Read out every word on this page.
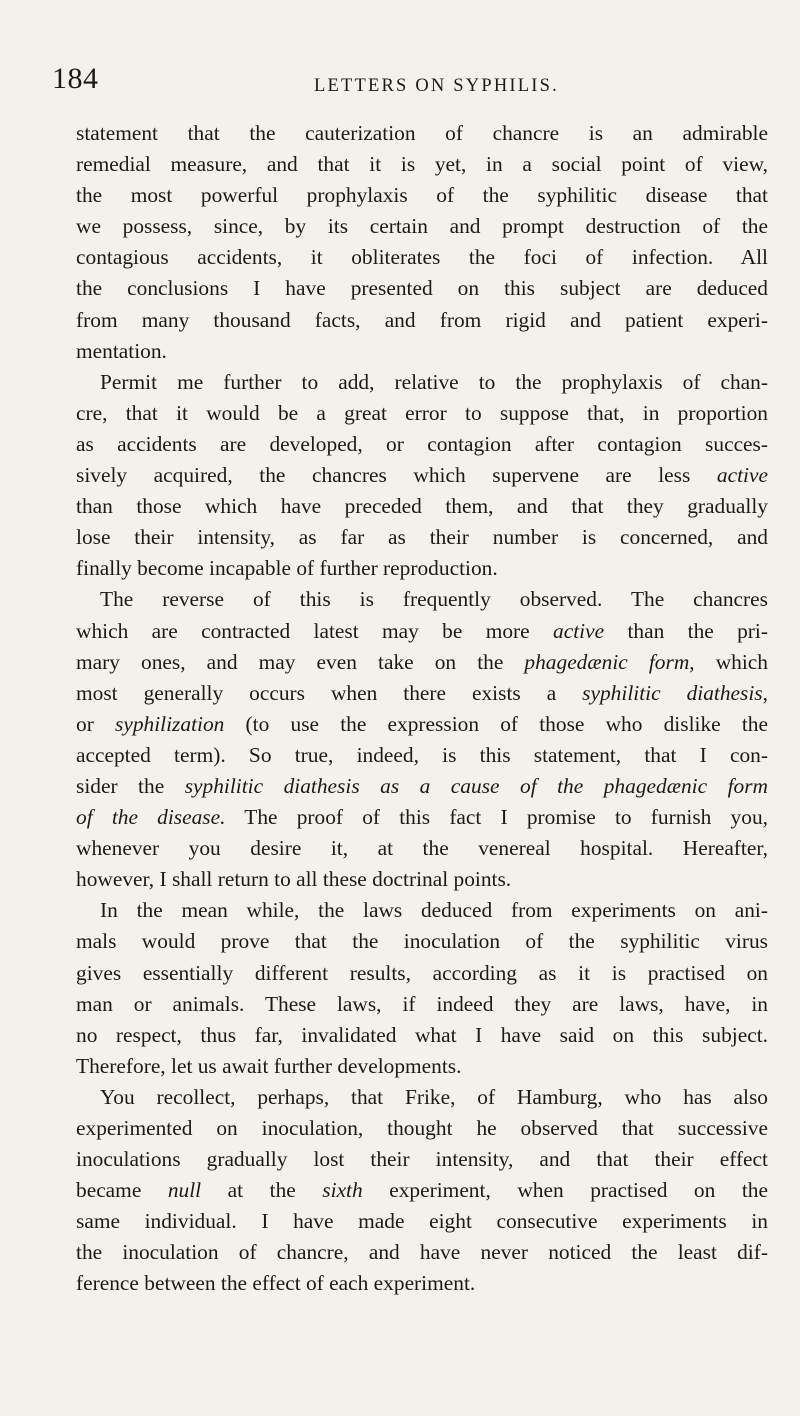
184	LETTERS ON SYPHILIS.
statement that the cauterization of chancre is an admirable
remedial measure, and that it is yet, in a social point of view,
the most powerful prophylaxis of the syphilitic disease that
we possess, since, by its certain and prompt destruction of the
contagious accidents, it obliterates the foci of infection. All
the conclusions I have presented on this subject are deduced
from many thousand facts, and from rigid and patient experi-
mentation.
Permit me further to add, relative to the prophylaxis of chan-
cre, that it would be a great error to suppose that, in proportion
as accidents are developed, or contagion after contagion succes-
sively acquired, the chancres which supervene are less active
than those which have preceded them, and that they gradually
lose their intensity, as far as their number is concerned, and
finally become incapable of further reproduction.
The reverse of this is frequently observed. The chancres
which are contracted latest may be more active than the pri-
mary ones, and may even take on the phagedænic form, which
most generally occurs when there exists a syphilitic diathesis,
or syphilization (to use the expression of those who dislike the
accepted term). So true, indeed, is this statement, that I con-
sider the syphilitic diathesis as a cause of the phagedænic form
of the disease. The proof of this fact I promise to furnish you,
whenever you desire it, at the venereal hospital. Hereafter,
however, I shall return to all these doctrinal points.
In the mean while, the laws deduced from experiments on ani-
mals would prove that the inoculation of the syphilitic virus
gives essentially different results, according as it is practised on
man or animals. These laws, if indeed they are laws, have, in
no respect, thus far, invalidated what I have said on this subject.
Therefore, let us await further developments.
You recollect, perhaps, that Frike, of Hamburg, who has also
experimented on inoculation, thought he observed that successive
inoculations gradually lost their intensity, and that their effect
became null at the sixth experiment, when practised on the
same individual. I have made eight consecutive experiments in
the inoculation of chancre, and have never noticed the least dif-
ference between the effect of each experiment.
